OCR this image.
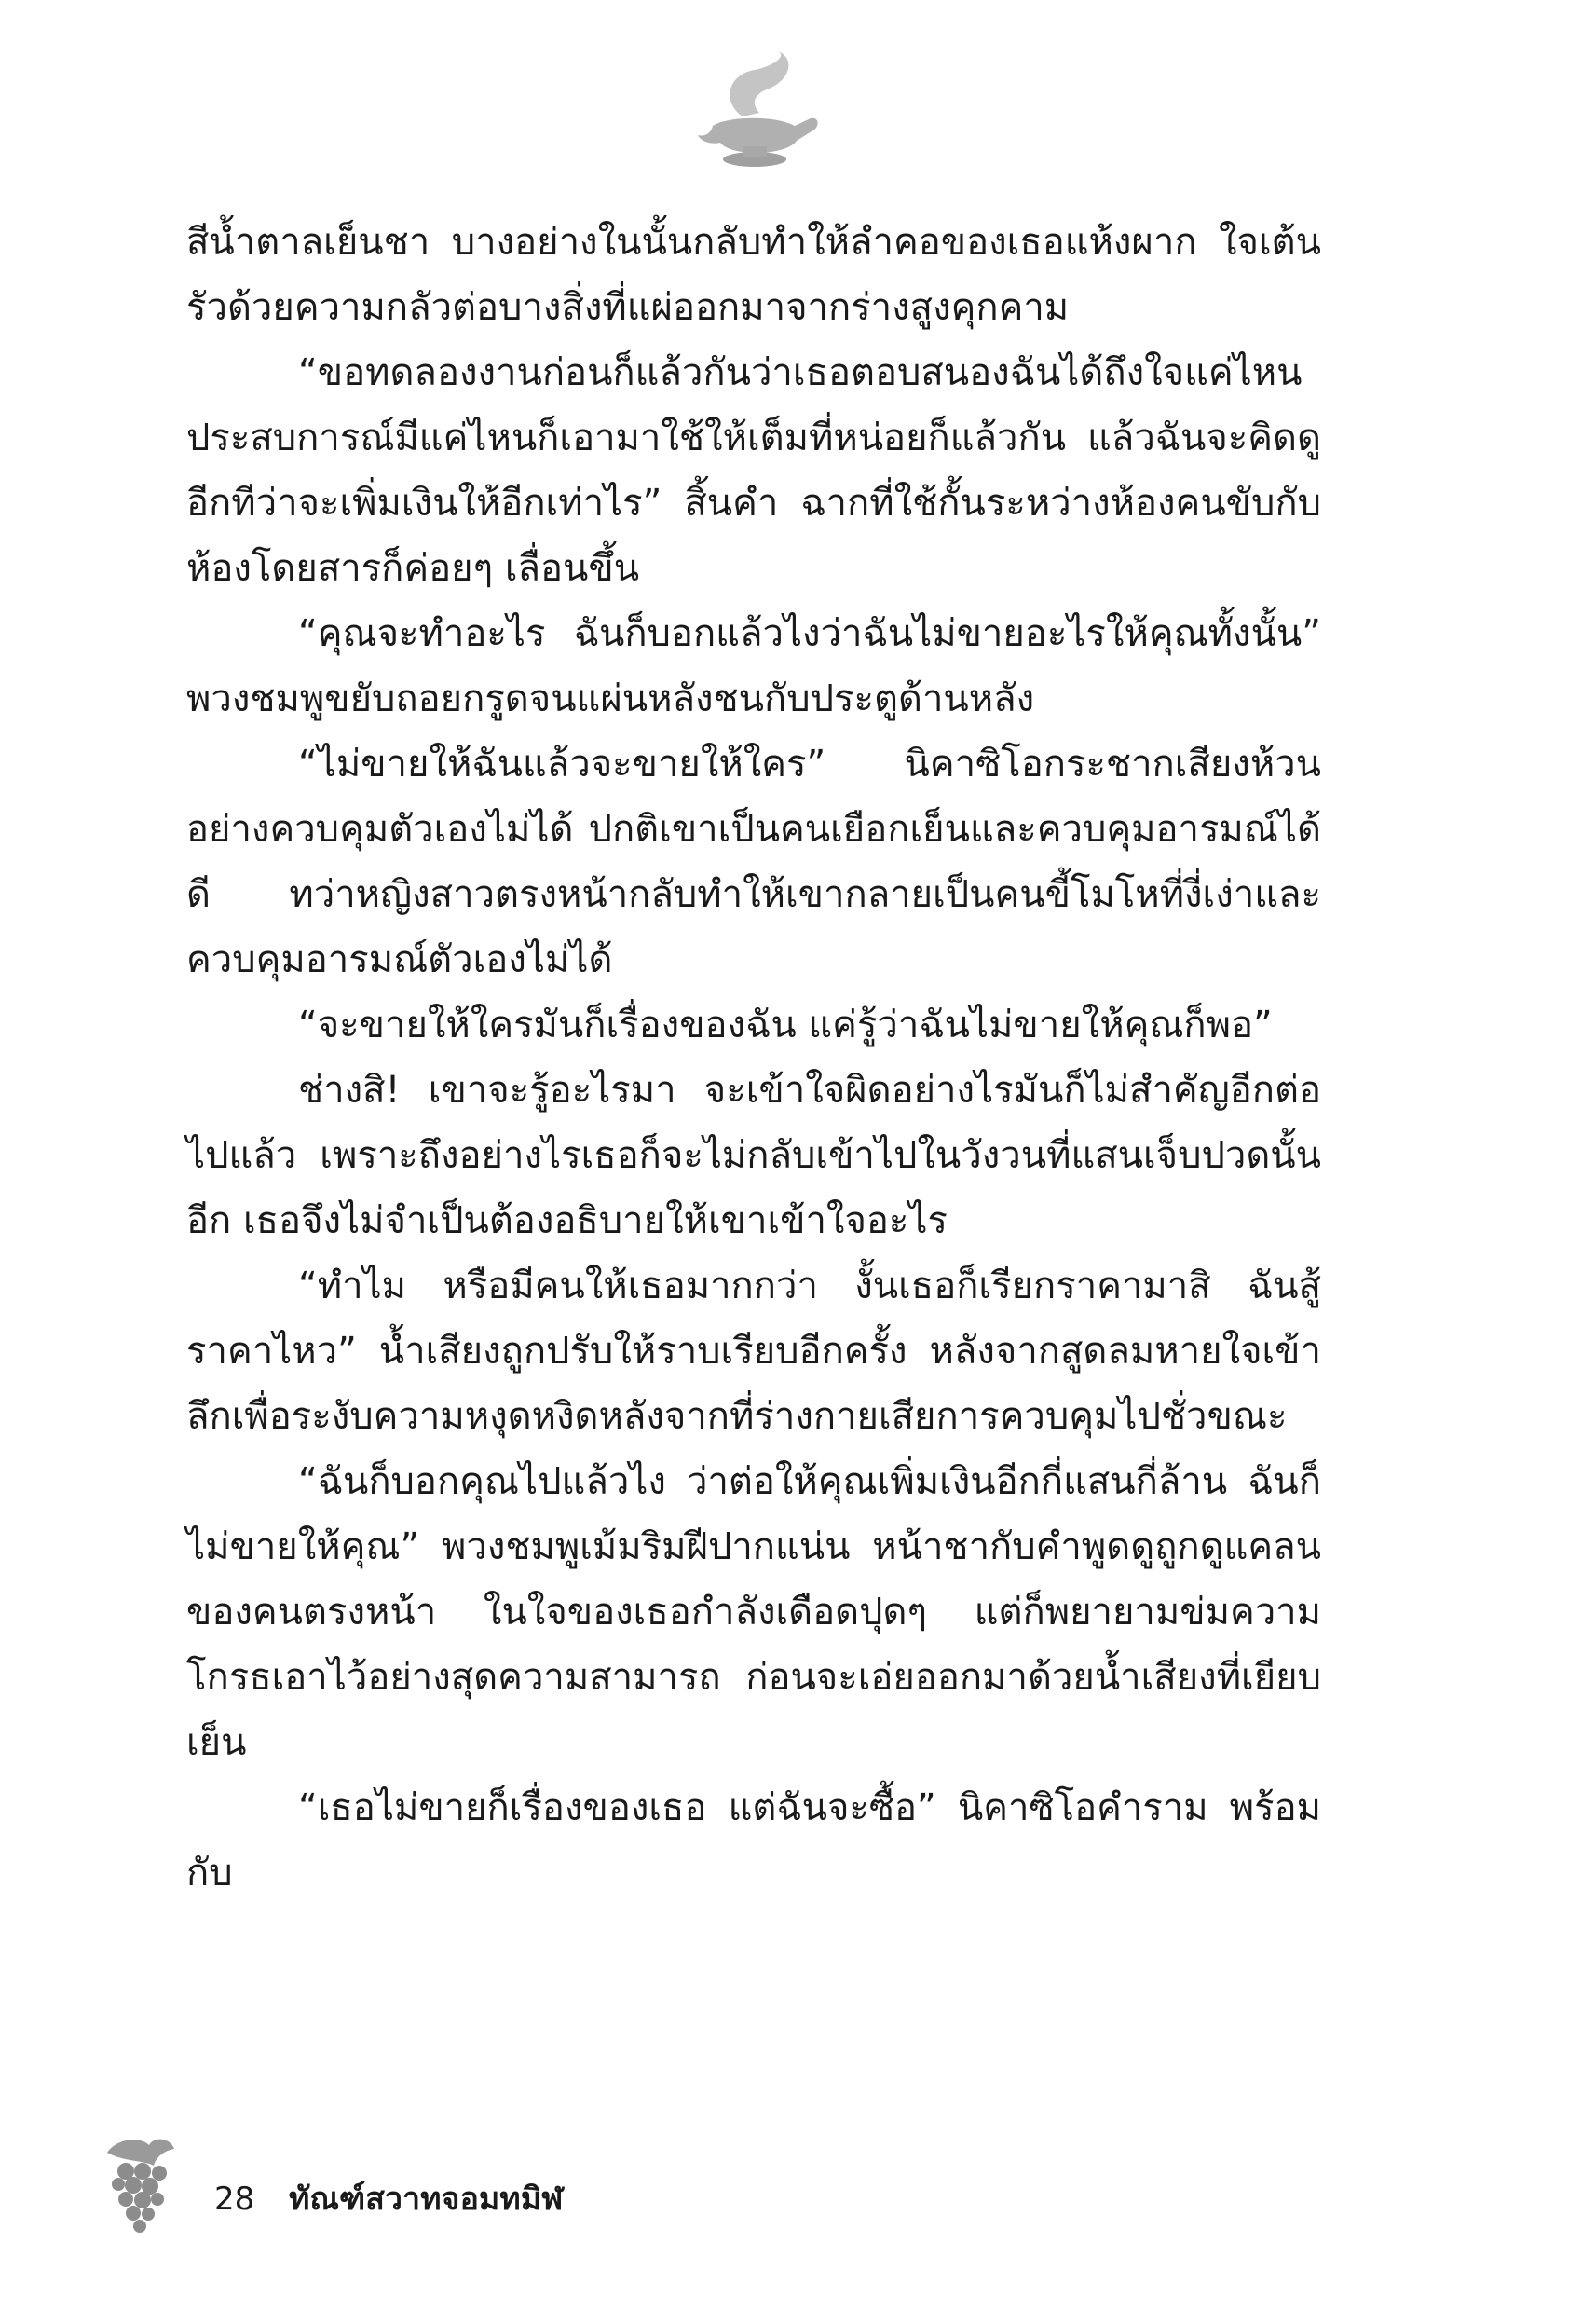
สีน้ำตาลเย็นชา บางอย่างในนั้นกลับทำให้ลำคอของเธอแห้งผาก ใจเต้นรัวด้วยความกลัวต่อบางสิ่งที่แผ่ออกมาจากร่างสูงคุกคาม

“ขอทดลองงานก่อนก็แล้วกันว่าเธอตอบสนองฉันได้ถึงใจแค่ไหน ประสบการณ์มีแค่ไหนก็เอามาใช้ให้เต็มที่หน่อยก็แล้วกัน แล้วฉันจะคิดดูอีกทีว่าจะเพิ่มเงินให้อีกเท่าไร” สิ้นคำ ฉากที่ใช้กั้นระหว่างห้องคนขับกับห้องโดยสารก็ค่อยๆ เลื่อนขึ้น

“คุณจะทำอะไร ฉันก็บอกแล้วไงว่าฉันไม่ขายอะไรให้คุณทั้งนั้น” พวงชมพูขยับถอยกรูดจนแผ่นหลังชนกับประตูด้านหลัง

“ไม่ขายให้ฉันแล้วจะขายให้ใคร” นิคาซิโอกระชากเสียงห้วนอย่างควบคุมตัวเองไม่ได้ ปกติเขาเป็นคนเยือกเย็นและควบคุมอารมณ์ได้ดี ทว่าหญิงสาวตรงหน้ากลับทำให้เขากลายเป็นคนขี้โมโหที่งี่เง่าและควบคุมอารมณ์ตัวเองไม่ได้

“จะขายให้ใครมันก็เรื่องของฉัน แค่รู้ว่าฉันไม่ขายให้คุณก็พอ”

ช่างสิ! เขาจะรู้อะไรมา จะเข้าใจผิดอย่างไรมันก็ไม่สำคัญอีกต่อไปแล้ว เพราะถึงอย่างไรเธอก็จะไม่กลับเข้าไปในวังวนที่แสนเจ็บปวดนั้นอีก เธอจึงไม่จำเป็นต้องอธิบายให้เขาเข้าใจอะไร

“ทำไม หรือมีคนให้เธอมากกว่า งั้นเธอก็เรียกราคามาสิ ฉันสู้ราคาไหว” น้ำเสียงถูกปรับให้ราบเรียบอีกครั้ง หลังจากสูดลมหายใจเข้าลึกเพื่อระงับความหงุดหงิดหลังจากที่ร่างกายเสียการควบคุมไปชั่วขณะ

“ฉันก็บอกคุณไปแล้วไง ว่าต่อให้คุณเพิ่มเงินอีกกี่แสนกี่ล้าน ฉันก็ไม่ขายให้คุณ” พวงชมพูเม้มริมฝีปากแน่น หน้าชากับคำพูดดูถูกดูแคลนของคนตรงหน้า ในใจของเธอกำลังเดือดปุดๆ แต่ก็พยายามข่มความโกรธเอาไว้อย่างสุดความสามารถ ก่อนจะเอ่ยออกมาด้วยน้ำเสียงที่เยียบเย็น

“เธอไม่ขายก็เรื่องของเธอ แต่ฉันจะซื้อ” นิคาซิโอคำราม พร้อมกับ

28 ทัณฑ์สวาทจอมทมิฬ
